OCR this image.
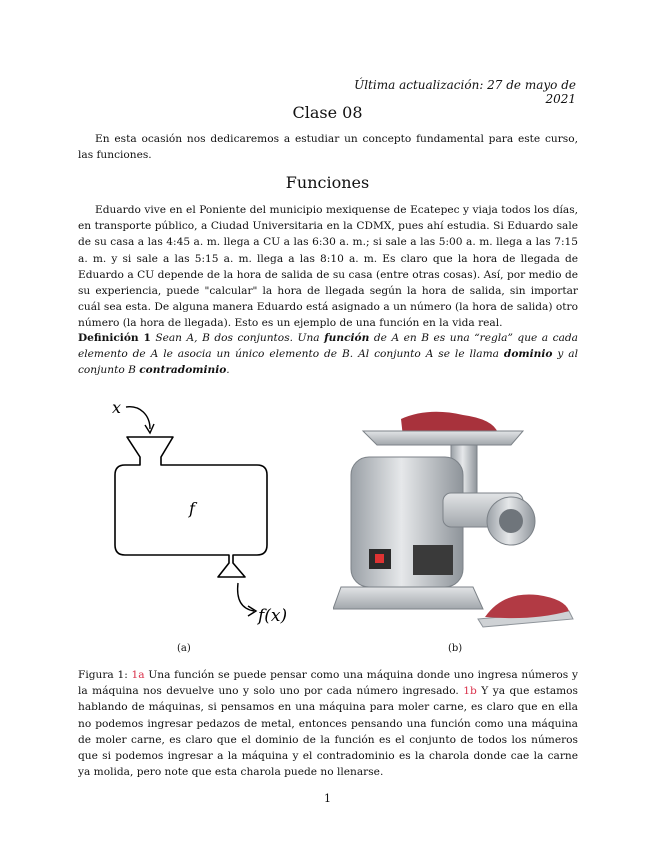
Última actualización: 27 de mayo de 2021
Clase 08
En esta ocasión nos dedicaremos a estudiar un concepto fundamental para este curso, las funciones.
Funciones
Eduardo vive en el Poniente del municipio mexiquense de Ecatepec y viaja todos los días, en transporte público, a Ciudad Universitaria en la CDMX, pues ahí estudia. Si Eduardo sale de su casa a las 4:45 a. m. llega a CU a las 6:30 a. m.; si sale a las 5:00 a. m. llega a las 7:15 a. m. y si sale a las 5:15 a. m. llega a las 8:10 a. m. Es claro que la hora de llegada de Eduardo a CU depende de la hora de salida de su casa (entre otras cosas). Así, por medio de su experiencia, puede "calcular" la hora de llegada según la hora de salida, sin importar cuál sea esta. De alguna manera Eduardo está asignado a un número (la hora de salida) otro número (la hora de llegada). Esto es un ejemplo de una función en la vida real.
Definición 1 Sean A, B dos conjuntos. Una función de A en B es una “regla” que a cada elemento de A le asocia un único elemento de B. Al conjunto A se le llama dominio y al conjunto B contradominio.
x
f
f(x)
(a)	(b)
Figura 1: 1a Una función se puede pensar como una máquina donde uno ingresa números y la máquina nos devuelve uno y solo uno por cada número ingresado. 1b Y ya que estamos hablando de máquinas, si pensamos en una máquina para moler carne, es claro que en ella no podemos ingresar pedazos de metal, entonces pensando una función como una máquina de moler carne, es claro que el dominio de la función es el conjunto de todos los números que si podemos ingresar a la máquina y el contradominio es la charola donde cae la carne ya molida, pero note que esta charola puede no llenarse.
1
